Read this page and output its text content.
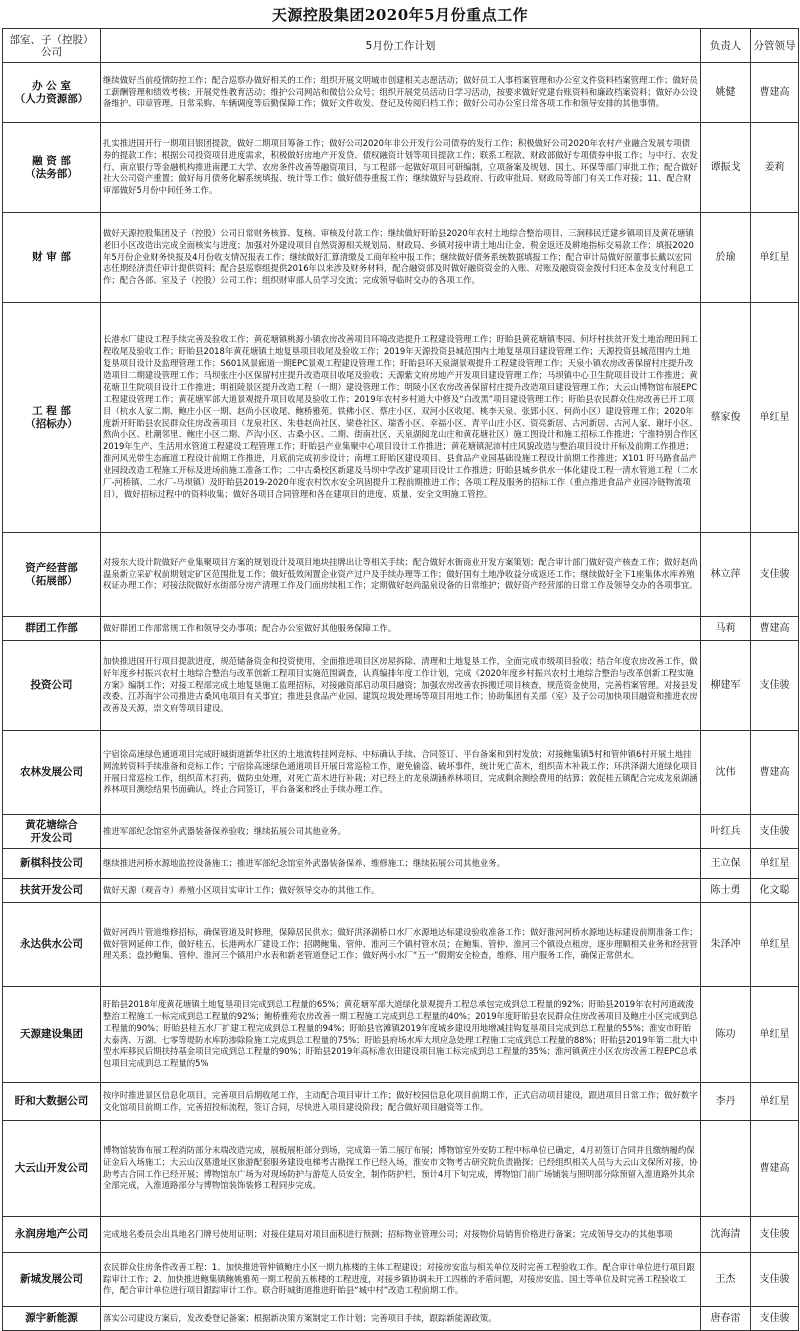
天源控股集团2020年5月份重点工作
部室、子（控股）
公司	5月份工作计划	负责人	分管领导

办 公 室
（人力资源部）	继续做好当前疫情防控工作；配合巡察办做好相关的工作；组织开展文明城市创建相关志愿活动；做好员工人事档案管理和办公室文件资料档案管理工作；做好员工薪酬管理和绩效考核；开展党性教育活动；维护公司网站和微信公众号；组织开展党员活动日学习活动，按要求做好党建台账资料和廉政档案资料；做好办公设备维护、印章管理、日常采购、车辆调度等后勤保障工作；做好文件收发、登记及传阅归档工作；做好公司办公室日常各项工作和领导安排的其他事情。	姚健	曹建高

融 资 部
（法务部）	扎实推进国开行一期项目银团提款，做好二期项目筹备工作；做好公司2020年非公开发行公司债券的发行工作；积极做好公司2020年农村产业融合发展专项债券的提款工作；根据公司投资项目进度需求，积极做好房地产开发贷、债权融资计划等项目提款工作；联系工程款、财政部做好专项债券申报工作；与中行、农发行、南京银行等金融机构推进南淝工大学、农房条件改善等融资项目，与工程部一起做好项目可研编制，立项备案及规划、国土、环保等部门审批工作；配合做好社大公司资产重置；做好每月债务化解系统填报、统计等工作；做好债券重报工作；继续做好与县政府、行政审批局、财政局等部门有关工作对接；11、配合财审部做好5月份中间任务工作。	谭振戈	姜莉

财 审 部	做好天源控股集团及子（控股）公司日常财务核算、复核、审核及付款工作；继续做好盱眙县2020年农村土地综合整治项目、三涧移民迁建乡镇项目及黄花塘镇老旧小区改造出完成全面核实与进度；加强对外建设项目自然资源相关规划局、财政局、乡镇对接申请土地出让金、税金返还及耕地指标交易款工作；填报2020年5月份企业财务快报及4月份收支情况报表工作；继续做好汇算清缴及工商年检申报工作；继续做好债务系统数据填报工作；配合审计局做好原董事长戴以宏同志任期经济责任审计提供资料；配合县巡察组提供2016年以来涉及财务材料，配合融资部及时做好融资资金的入账、对账及融资资金拨付归还本金及支付利息工作；配合各部、室及子（控股）公司工作；组织财审部人员学习交流；完成领导临时交办的各项工作。	於瑜	单红星

工 程 部
（招标办）	长港水厂建设工程手续完善及验收工作；黄花塘镇桃源小镇农房改善项目环境改造提升工程建设管理工作；盱眙县黄花塘镇枣园、何圩村扶贫开发土地治理田间工程收尾及验收工作；盱眙县2018年黄花塘镇土地复垦项目收尾及验收工作；2019年天源投资县城范围内土地复垦项目建设管理工作；天源投资县城范围内土地复垦项目设计及监理管理工作；S601风景廊道一期EPC景观工程建设管理工作；盱眙县环天泉湖景观提升工程建设管理工作；天泉小镇农房改善保留村庄提升改造项目二期建设管理工作；马坝张庄小区保留村庄提升改造项目收尾及验收；天源紫文府房地产开发项目建设管理工作；马坝镇中心卫生院项目设计工作推进；黄花塘卫生院项目设计工作推进；明祖陵景区提升改造工程（一期）建设管理工作；明陵小区农房改善保留村庄提升改造项目建设管理工作；大云山博物馆布展EPC工程建设管理工作；黄花塘军部大道景观提升项目收尾及验收工作；2019年农村乡村道大中修及“白改黑”项目建设管理工作；盱眙县农民群众住房改善已开工项目（杭水人家二期、鲍庄小区一期、赵尚小区收尾、鲍桥雅苑、铁佛小区、蔡庄小区、双河小区收尾、桃李天泉、张郢小区、何尚小区）建设管理工作；2020年度新开盱眙县农民群众住房改善项目（龙泉社区、朱巷赵尚社区、梁巷社区、瑞香小区、幸福小区、青平山庄小区、资亮新居、古河新居、古河人家、谢圩小区、熬尚小区、杜潮邻里、鲍庄小区二期、芦沟小区、古桑小区、二期、街南社区、天泉湖阅龙山庄和黄花塘社区）施工图设计和施工招标工作推进；宁淮特别合作区2019年生产、生活用水管道工程建设工程管理工作；盱眙县产业集聚中心项目设计工作推进；黄花塘镇泥沛村庄风貌改造与整治项目设计开标及前期工作推进；淮河风光带生态廊道工程设计前期工作推进，月底前完成初步设计；南埋工盱眙区建设项目、县食品产业园基础设施工程设计前期工作推进；X101 盱马路食品产业园段改造工程施工开标及进场前施工准备工作；二中古桑校区新建及马坝中学改扩建项目设计工作推进；盱眙县城乡供水一体化建设工程一清水管道工程（二水厂-河桥镇、二水厂-马坝镇）及盱眙县2019-2020年度农村饮水安全巩固提升工程前期推进工作；各项工程及服务的招标工作（重点推进食品产业园冷链物流项目），做好招标过程中的资料收集；做好各项目合同管理和各在建项目的进度、质量、安全文明施工管控。	蔡家俊	单红星

资产经营部
（拓展部）	对接东大设计院做好产业集聚项目方案的规划设计及项目地块挂牌出让等相关手续；配合做好水衙商业开发方案策划；配合审计部门做好资产核查工作；做好赵尚温泉新立采矿权前期划定矿区范围批复工作；做好低效闲置企业资产过户及手续办理等工作；做好国有土地净收益分成返还工作；继续做好全下1座集体水库养殖权证办理工作；对接法院做好水街部分房产清理工作及门面房续租工作；定期做好赵尚温泉设备的日常维护；做好资产经营部的日常工作及领导交办的各项事宜。	林立萍	支佳骏

群团工作部	做好群团工作部常规工作和领导交办事项；配合办公室做好其他服务保障工作。	马莉	曹建高

投资公司	加快推进国开行项目提款进度，规范储备资金和投资使用，全面推进项目区房屋拆除、清理和土地复垦工作，全面完成市级项目验收；结合年度农房改善工作，做好年度乡村振兴农村土地综合整治与改革创新工程项目实施范围调查，认真编排年度工作计划，完成《2020年度乡村振兴农村土地综合整治与改革创新工程实施方案》编制工作；对接工程部完成土地复垦施工监理招标，对接融资部启动项目融资；加强农房改善农拆搬迁项目核查，规范资金使用，完善档案管理。对接县发改委、江苏海宇公司推进古桑风电项目有关事宜；推进县食品产业园、建筑垃圾处理场等项目用地工作；协助集团有关部（室）及子公司加快项目融资和推进农房改善及天源，崇文府等项目建设。	柳建军	支佳骏

农林发展公司	宁宿徐高速绿色通道项目完成盱城街道新华社区的土地流转挂网竞标、中标确认手续、合同签订、平台备案和到村发放；对接鲍集镇5村和管仲镇6村开展土地挂网流转资料手续准备和竞标工作；宁宿徐高速绿色通道项目开展日常巡检工作，避免偷盗、破坏事件，统计死亡苗木，组织苗木补栽工作；环洪泽湖大道绿化项目开展日常巡检工作，组织苗木打药，做防虫处理，对死亡苗木进行补栽；对已经上的龙泉湖涵养林项目，完成剩余测绘费用的结算；敦促桂五镇配合完成龙泉湖涵养林项目测绘结果书面确认，终止合同签订，平台备案和终止手续办理工作。	沈伟	曹建高

黄花塘综合
开发公司	推进军部纪念馆室外武器装备保养验收；继续拓展公司其他业务。	叶红兵	支佳骏

新棋科技公司	继续推进河桥水源地监控设备施工；推进军部纪念馆室外武器装备保养、维修施工；继续拓展公司其他业务。	王立保	单红星

扶贫开发公司	做好天源（观音寺）养殖小区项目实审计工作；做好领导交办的其他工作。	陈士勇	化文聪

永达供水公司	做好河西片管道维修招标，确保管道及时修理，保障居民供水；做好洪泽湖桥口水厂水源地达标建设验收准备工作；做好淮河河桥水源地达标建设前期准备工作；做好管网延伸工作，做好桂五、长港两水厂建设工作；招聘鲍集、管仲、淮河三个镇村管水员；在鲍集、管仲、淮河三个镇设点租房，逐步理顺相关业务和经营管理关系；盘抄鲍集、管仲、淮河三个镇用户水表和新老管道登记工作；做好两小水厂“五一”假期安全检查，维修、用户服务工作，确保正常供水。	朱泽冲	单红星

天源建设集团	盱眙县2018年度黄花塘镇土地复垦项目完成到总工程量的65%；黄花塘军部大道绿化景观提升工程总承包完成到总工程量的92%；盱眙县2019年农村河道疏浚整治工程施工一标完成到总工程量的92%；鲍桥雅苑农房改善一期工程施工完成到总工程量的40%；2019年度盱眙县农民群众住房改善项目及鲍庄小区完成到总工程量的90%；盱眙县桂五水厂扩建工程完成到总工程量的94%；盱眙县官滩镇2019年度城乡建设用地增减挂钩复垦项目完成到总工程量的55%；淮安市盱眙大泰湾、万湖、七零等堤防水库防渗除险施工完成到总工程量的75%；盱眙县府场水库大坝应急处理工程施工完成到总工程量的88%；盱眙县2019年第二批大中型水库移民后期扶持基金项目完成到总工程量的90%；盱眙县2019年高标准农田建设项目施工标完成到总工程量的35%；淮河镇黄庄小区农房改善工程EPC总承包项目完成到总工程量的5%	陈功	单红星

盱和大数据公司	按序时推进景区信息化项目，完善项目后期收尾工作，主动配合项目审计工作；做好校园信息化项目前期工作，正式启动项目建设，跟进项目日常工作；做好数字文化馆项目前期工作，完善招投标流程，签订合同，尽快进入项目建设阶段；配合做好项目融资等工作。	李丹	单红星

大云山开发公司	博物馆装饰布展工程消防部分末端改造完成，展板展柜部分到场，完成第一第二展厅布展；博物馆室外安防工程中标单位已确定，4月初签订合同并且缴纳履约保证金后入场施工；大云山汉墓遗址区旅游配套服务建设电梯考古勘探工作已经入场，淮安市文物考古研究院负责勘探；已经组织相关人员与大云山文保所对接，协助考古合同工作已经开展；博物馆东广场为对现场防护与游览人员安全，制作防护栏，预计4月下旬完成，博物馆门前广场铺装与照明部分除预留入淮道路外其余全部完成，入淮道路部分与博物馆装饰装修工程同步完成。		曹建高

永润房地产公司	完成地名委员会出具地名门牌号使用证明；对接住建局对项目面积进行预测；招标物业管理公司；对接物价局销售价格进行备案；完成领导交办的其他事项	沈海清	支佳骏

新城发展公司	农民群众住房条件改善工程：1、加快推进管仲镇鲍庄小区一期九栋楼的主体工程建设；对接房安监与相关单位及时完善工程验收工作。配合审计单位进行项目跟踪审计工作；2、加快推进鲍集镇鲍姚雅苑一期工程前五栋楼的工程进度，对接乡镇协调未开工四栋的矛盾问题，对接房安监、国土等单位及时完善工程验收工作，配合审计单位进行项目跟踪审计工作。联合盱城街道推进盱眙县“城中村”改造工程前期工作。	王杰	支佳骏

源宇新能源	落实公司建设方案后，发改委登记备案；根据新决策方案制定工作计划；完善项目手续，跟踪新能源政策。	唐春雷	支佳骏
